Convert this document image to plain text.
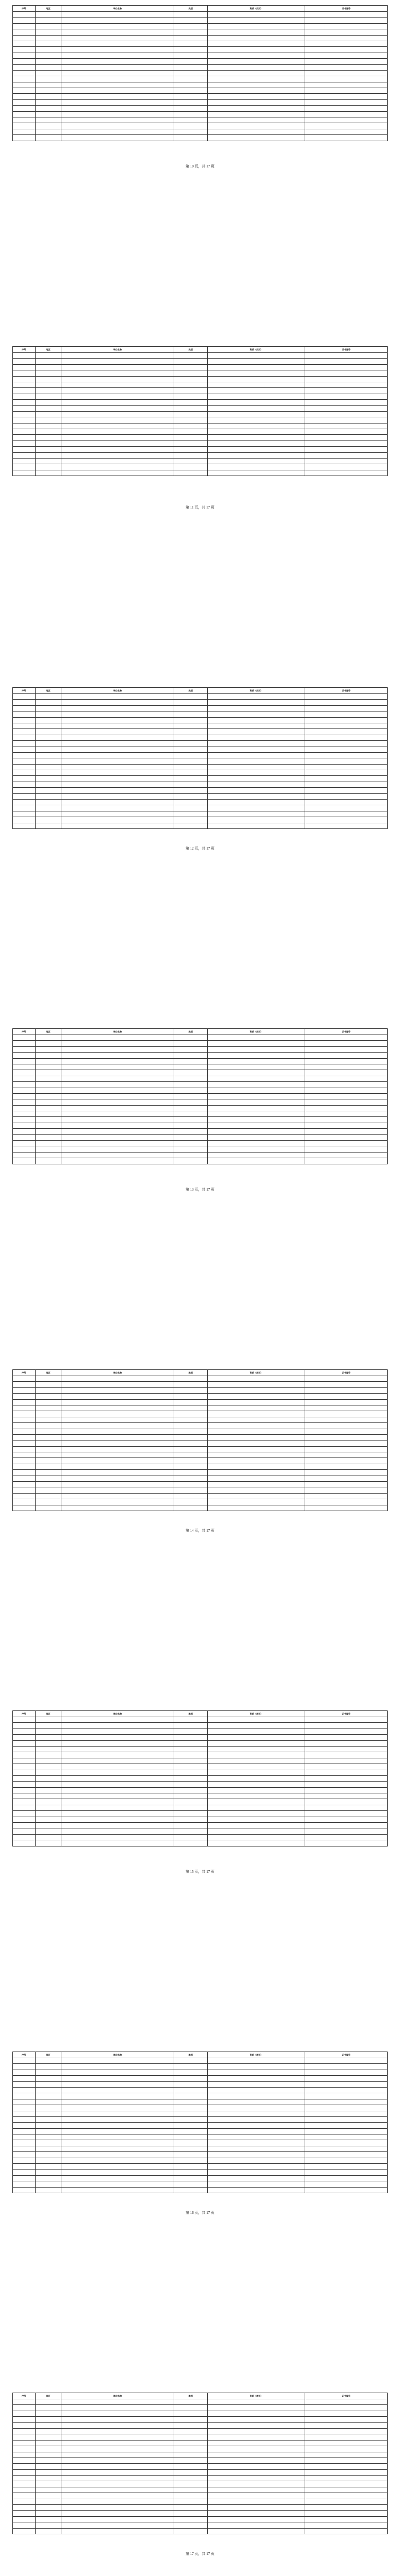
序号	地区	单位名称	类别	资质（类别）	证书编号

第 10 页，共 17 页
序号	地区	单位名称	类别	资质（类别）	证书编号

第 11 页，共 17 页
序号	地区	单位名称	类别	资质（类别）	证书编号

第 12 页，共 17 页
序号	地区	单位名称	类别	资质（类别）	证书编号

第 13 页，共 17 页
序号	地区	单位名称	类别	资质（类别）	证书编号

第 14 页，共 17 页
序号	地区	单位名称	类别	资质（类别）	证书编号

第 15 页，共 17 页
序号	地区	单位名称	类别	资质（类别）	证书编号

第 16 页，共 17 页
序号	地区	单位名称	类别	资质（类别）	证书编号

第 17 页，共 17 页
